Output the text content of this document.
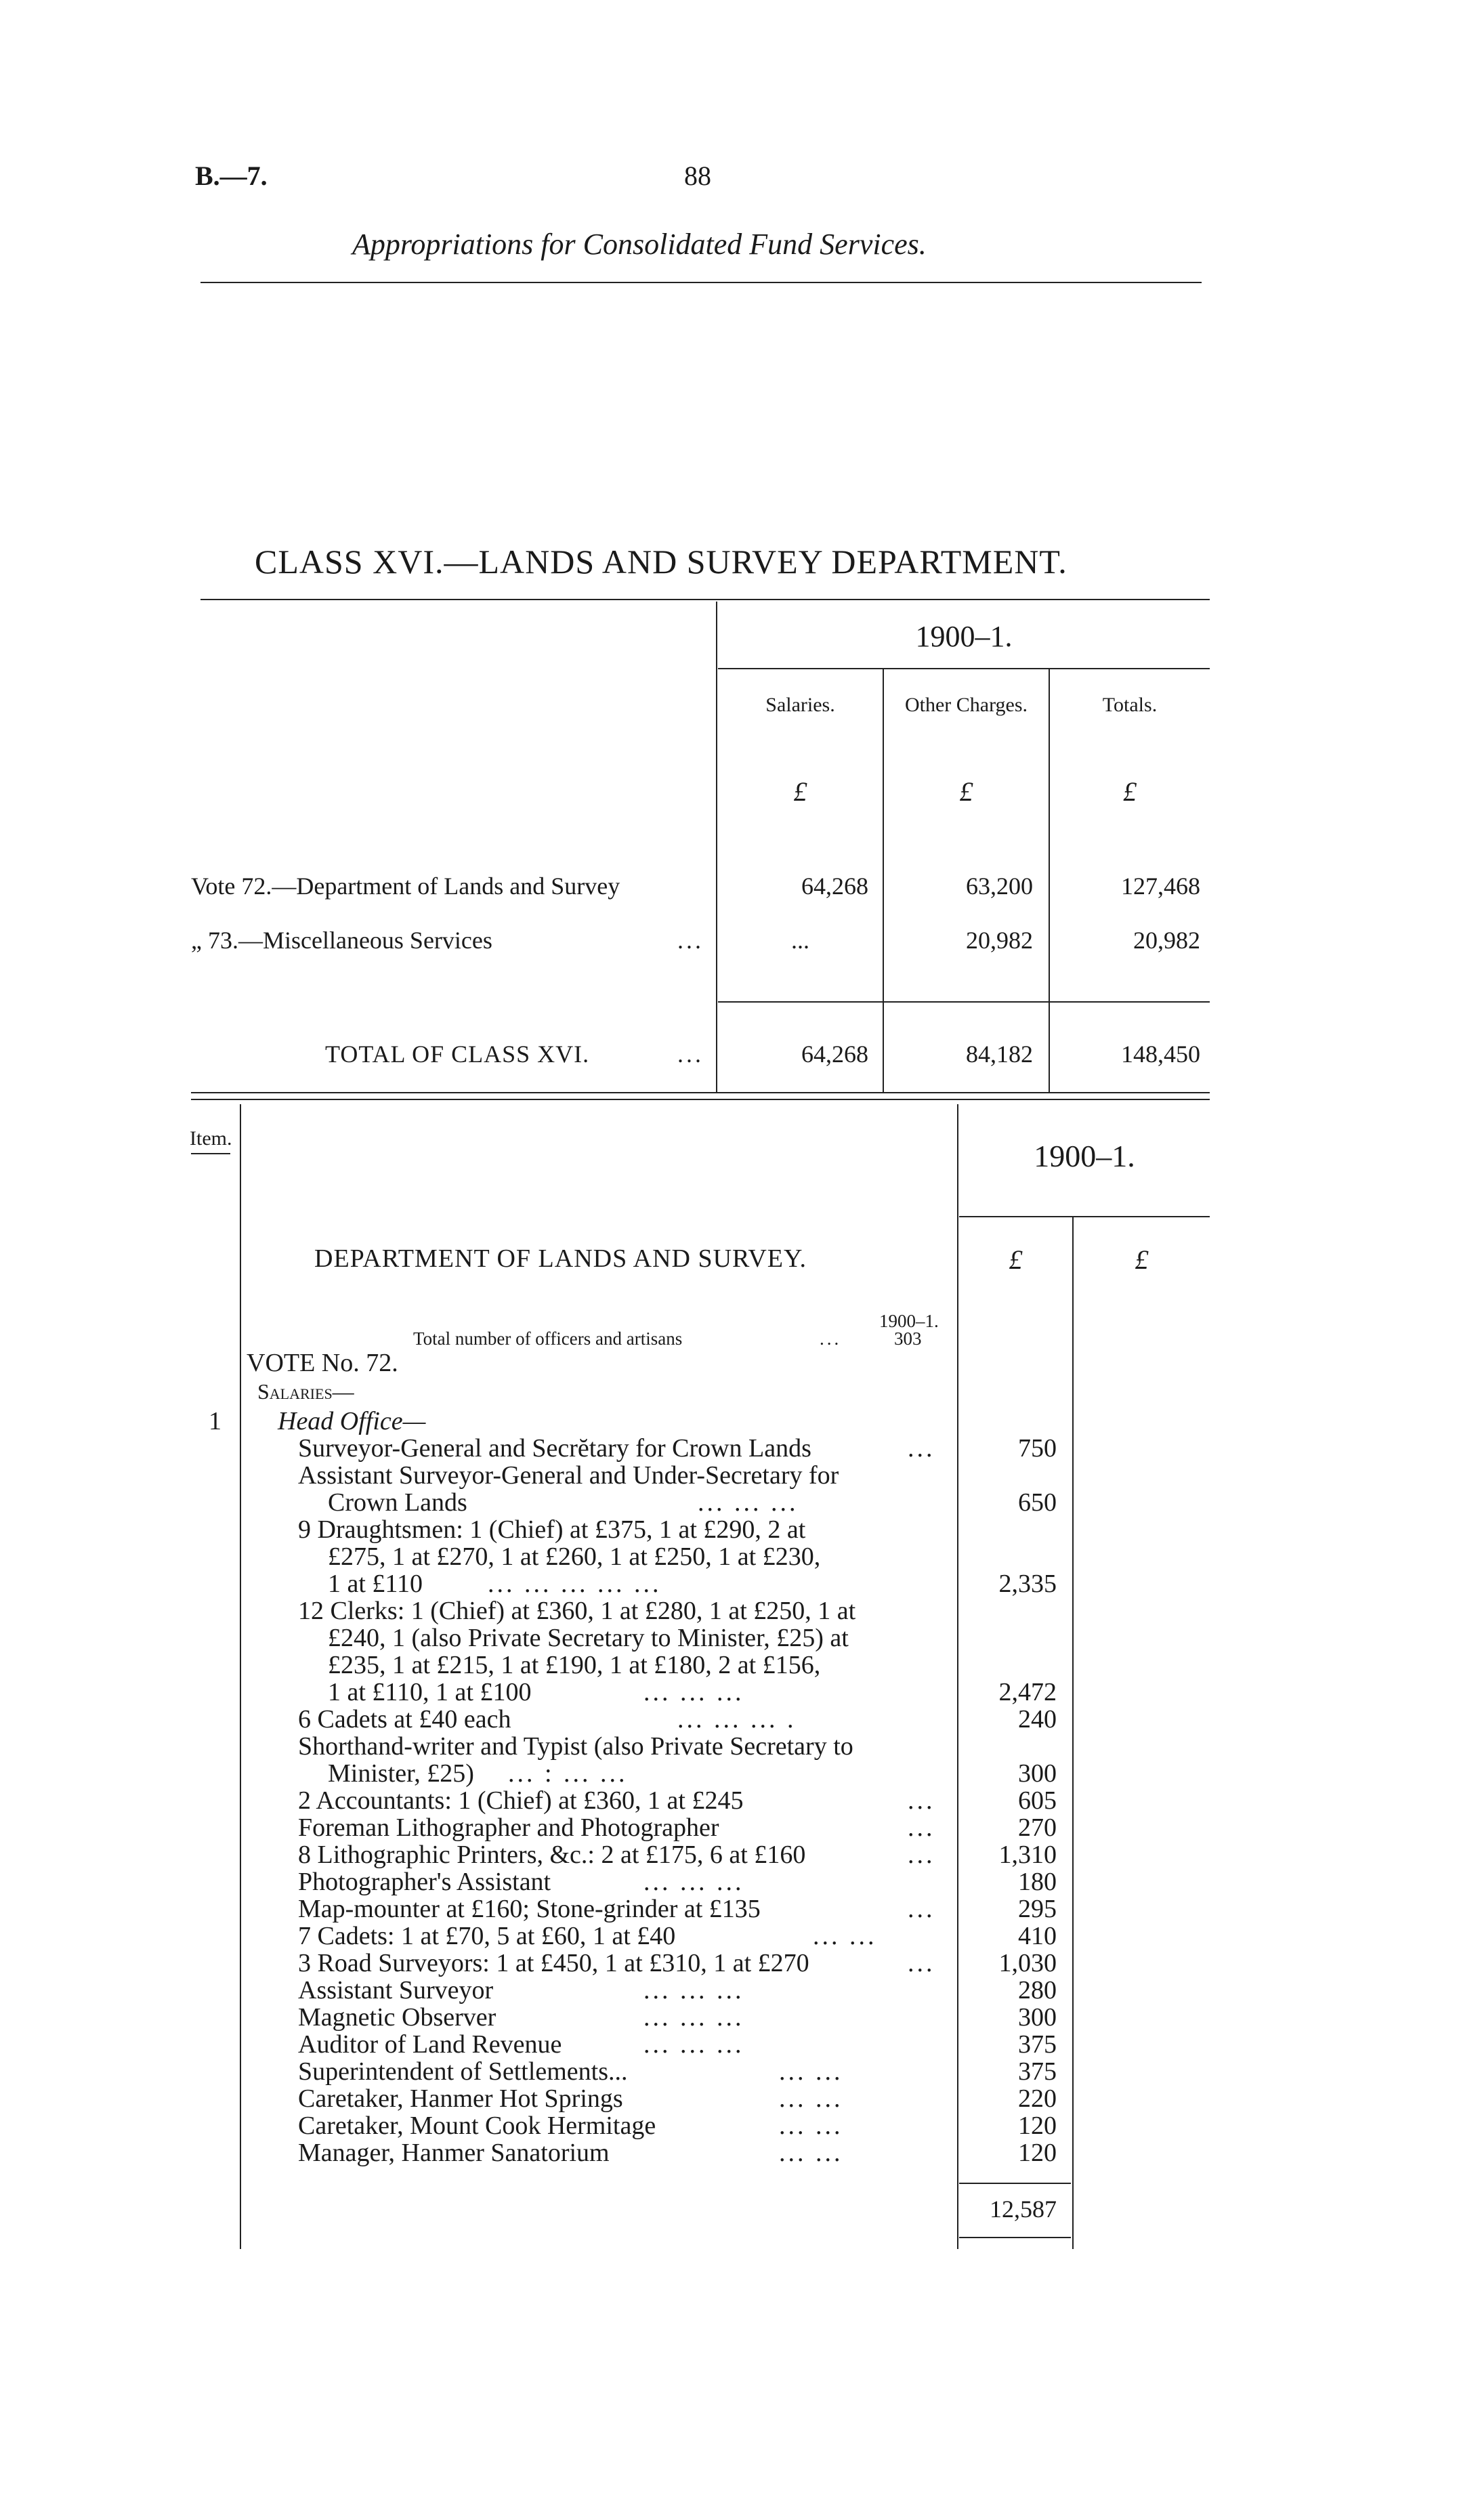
B.—7.	88
Appropriations for Consolidated Fund Services.
CLASS XVI.—LANDS AND SURVEY DEPARTMENT.
1900–1.
Salaries.	Other Charges.	Totals.
£	£	£
Vote 72.—Department of Lands and Survey	64,268	63,200	127,468
„ 73.—Miscellaneous Services	...	...	20,982	20,982
TOTAL OF CLASS XVI.	...	64,268	84,182	148,450
Item.
1900–1.
£	£
DEPARTMENT OF LANDS AND SURVEY.
1900–1.
Total number of officers and artisans	...	303
VOTE No. 72.
Salaries—
1 Head Office—
Surveyor-General and Secrĕtary for Crown Lands	...	750
Assistant Surveyor-General and Under-Secretary for
Crown Lands	... ... ...	650
9 Draughtsmen: 1 (Chief) at £375, 1 at £290, 2 at
£275, 1 at £270, 1 at £260, 1 at £250, 1 at £230,
1 at £110	... ... ... ... ...	2,335
12 Clerks: 1 (Chief) at £360, 1 at £280, 1 at £250, 1 at
£240, 1 (also Private Secretary to Minister, £25) at
£235, 1 at £215, 1 at £190, 1 at £180, 2 at £156,
1 at £110, 1 at £100	... ... ...	2,472
6 Cadets at £40 each	... ... ... .	240
Shorthand-writer and Typist (also Private Secretary to
Minister, £25) ... : ... ...	300
2 Accountants: 1 (Chief) at £360, 1 at £245	...	605
Foreman Lithographer and Photographer	...	270
8 Lithographic Printers, &c.: 2 at £175, 6 at £160	...	1,310
Photographer's Assistant	... ... ...	180
Map-mounter at £160; Stone-grinder at £135	...	295
7 Cadets: 1 at £70, 5 at £60, 1 at £40	... ...	410
3 Road Surveyors: 1 at £450, 1 at £310, 1 at £270	...	1,030
Assistant Surveyor	... ... ...	280
Magnetic Observer	... ... ...	300
Auditor of Land Revenue	... ... ...	375
Superintendent of Settlements...	... ...	375
Caretaker, Hanmer Hot Springs	... ...	220
Caretaker, Mount Cook Hermitage	... ...	120
Manager, Hanmer Sanatorium	... ...	120
12,587
